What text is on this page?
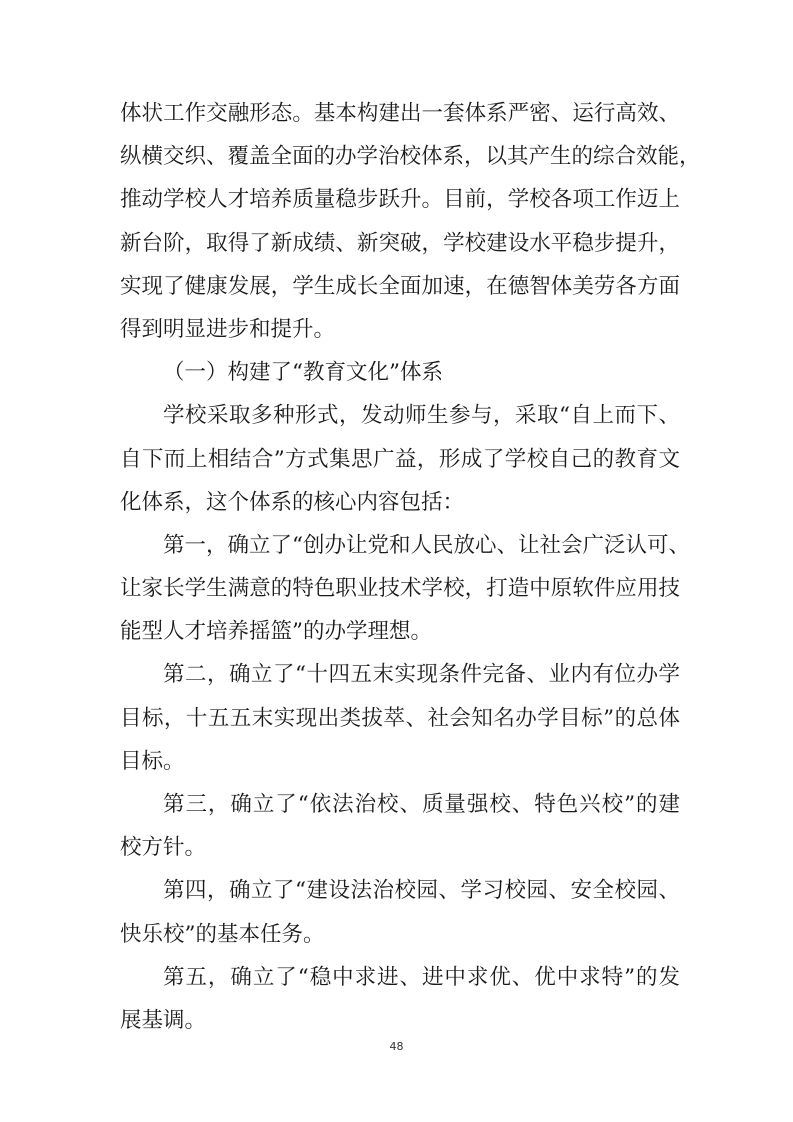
体状工作交融形态。基本构建出一套体系严密、运行高效、
纵横交织、覆盖全面的办学治校体系，以其产生的综合效能，
推动学校人才培养质量稳步跃升。目前，学校各项工作迈上
新台阶，取得了新成绩、新突破，学校建设水平稳步提升，
实现了健康发展，学生成长全面加速，在德智体美劳各方面
得到明显进步和提升。
（一）构建了“教育文化”体系
学校采取多种形式，发动师生参与，采取“自上而下、
自下而上相结合”方式集思广益，形成了学校自己的教育文
化体系，这个体系的核心内容包括：
第一，确立了“创办让党和人民放心、让社会广泛认可、
让家长学生满意的特色职业技术学校，打造中原软件应用技
能型人才培养摇篮”的办学理想。
第二，确立了“十四五末实现条件完备、业内有位办学
目标，十五五末实现出类拔萃、社会知名办学目标”的总体
目标。
第三，确立了“依法治校、质量强校、特色兴校”的建
校方针。
第四，确立了“建设法治校园、学习校园、安全校园、
快乐校”的基本任务。
第五，确立了“稳中求进、进中求优、优中求特”的发
展基调。
48
